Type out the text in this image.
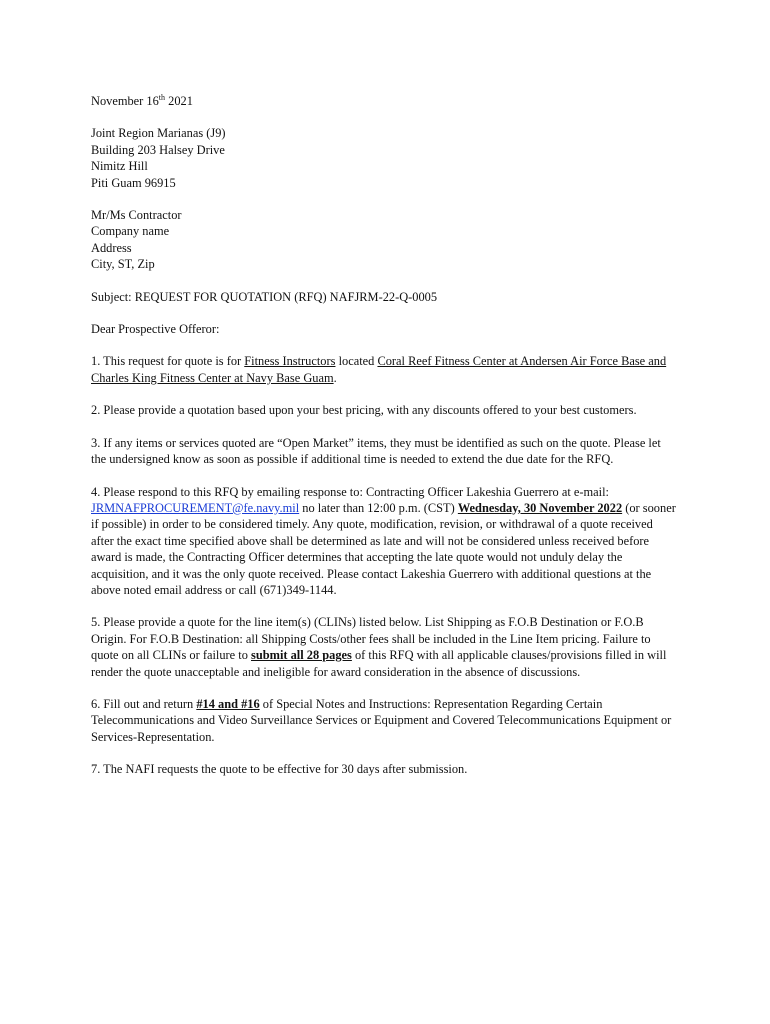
November 16th 2021

Joint Region Marianas (J9)
Building 203 Halsey Drive
Nimitz Hill
Piti Guam 96915
Mr/Ms Contractor
Company name
Address
City, ST, Zip

Subject: REQUEST FOR QUOTATION (RFQ) NAFJRM-22-Q-0005

Dear Prospective Offeror:

1. This request for quote is for Fitness Instructors located Coral Reef Fitness Center at Andersen Air Force Base and Charles King Fitness Center at Navy Base Guam.

2. Please provide a quotation based upon your best pricing, with any discounts offered to your best customers.

3. If any items or services quoted are “Open Market” items, they must be identified as such on the quote. Please let the undersigned know as soon as possible if additional time is needed to extend the due date for the RFQ.

4. Please respond to this RFQ by emailing response to: Contracting Officer Lakeshia Guerrero at e-mail: JRMNAFPROCUREMENT@fe.navy.mil no later than 12:00 p.m. (CST) Wednesday, 30 November 2022 (or sooner if possible) in order to be considered timely. Any quote, modification, revision, or withdrawal of a quote received after the exact time specified above shall be determined as late and will not be considered unless received before award is made, the Contracting Officer determines that accepting the late quote would not unduly delay the acquisition, and it was the only quote received. Please contact Lakeshia Guerrero with additional questions at the above noted email address or call (671)349-1144.

5. Please provide a quote for the line item(s) (CLINs) listed below. List Shipping as F.O.B Destination or F.O.B Origin. For F.O.B Destination: all Shipping Costs/other fees shall be included in the Line Item pricing. Failure to quote on all CLINs or failure to submit all 28 pages of this RFQ with all applicable clauses/provisions filled in will render the quote unacceptable and ineligible for award consideration in the absence of discussions.

6. Fill out and return #14 and #16 of Special Notes and Instructions: Representation Regarding Certain Telecommunications and Video Surveillance Services or Equipment and Covered Telecommunications Equipment or Services-Representation.

7. The NAFI requests the quote to be effective for 30 days after submission.
